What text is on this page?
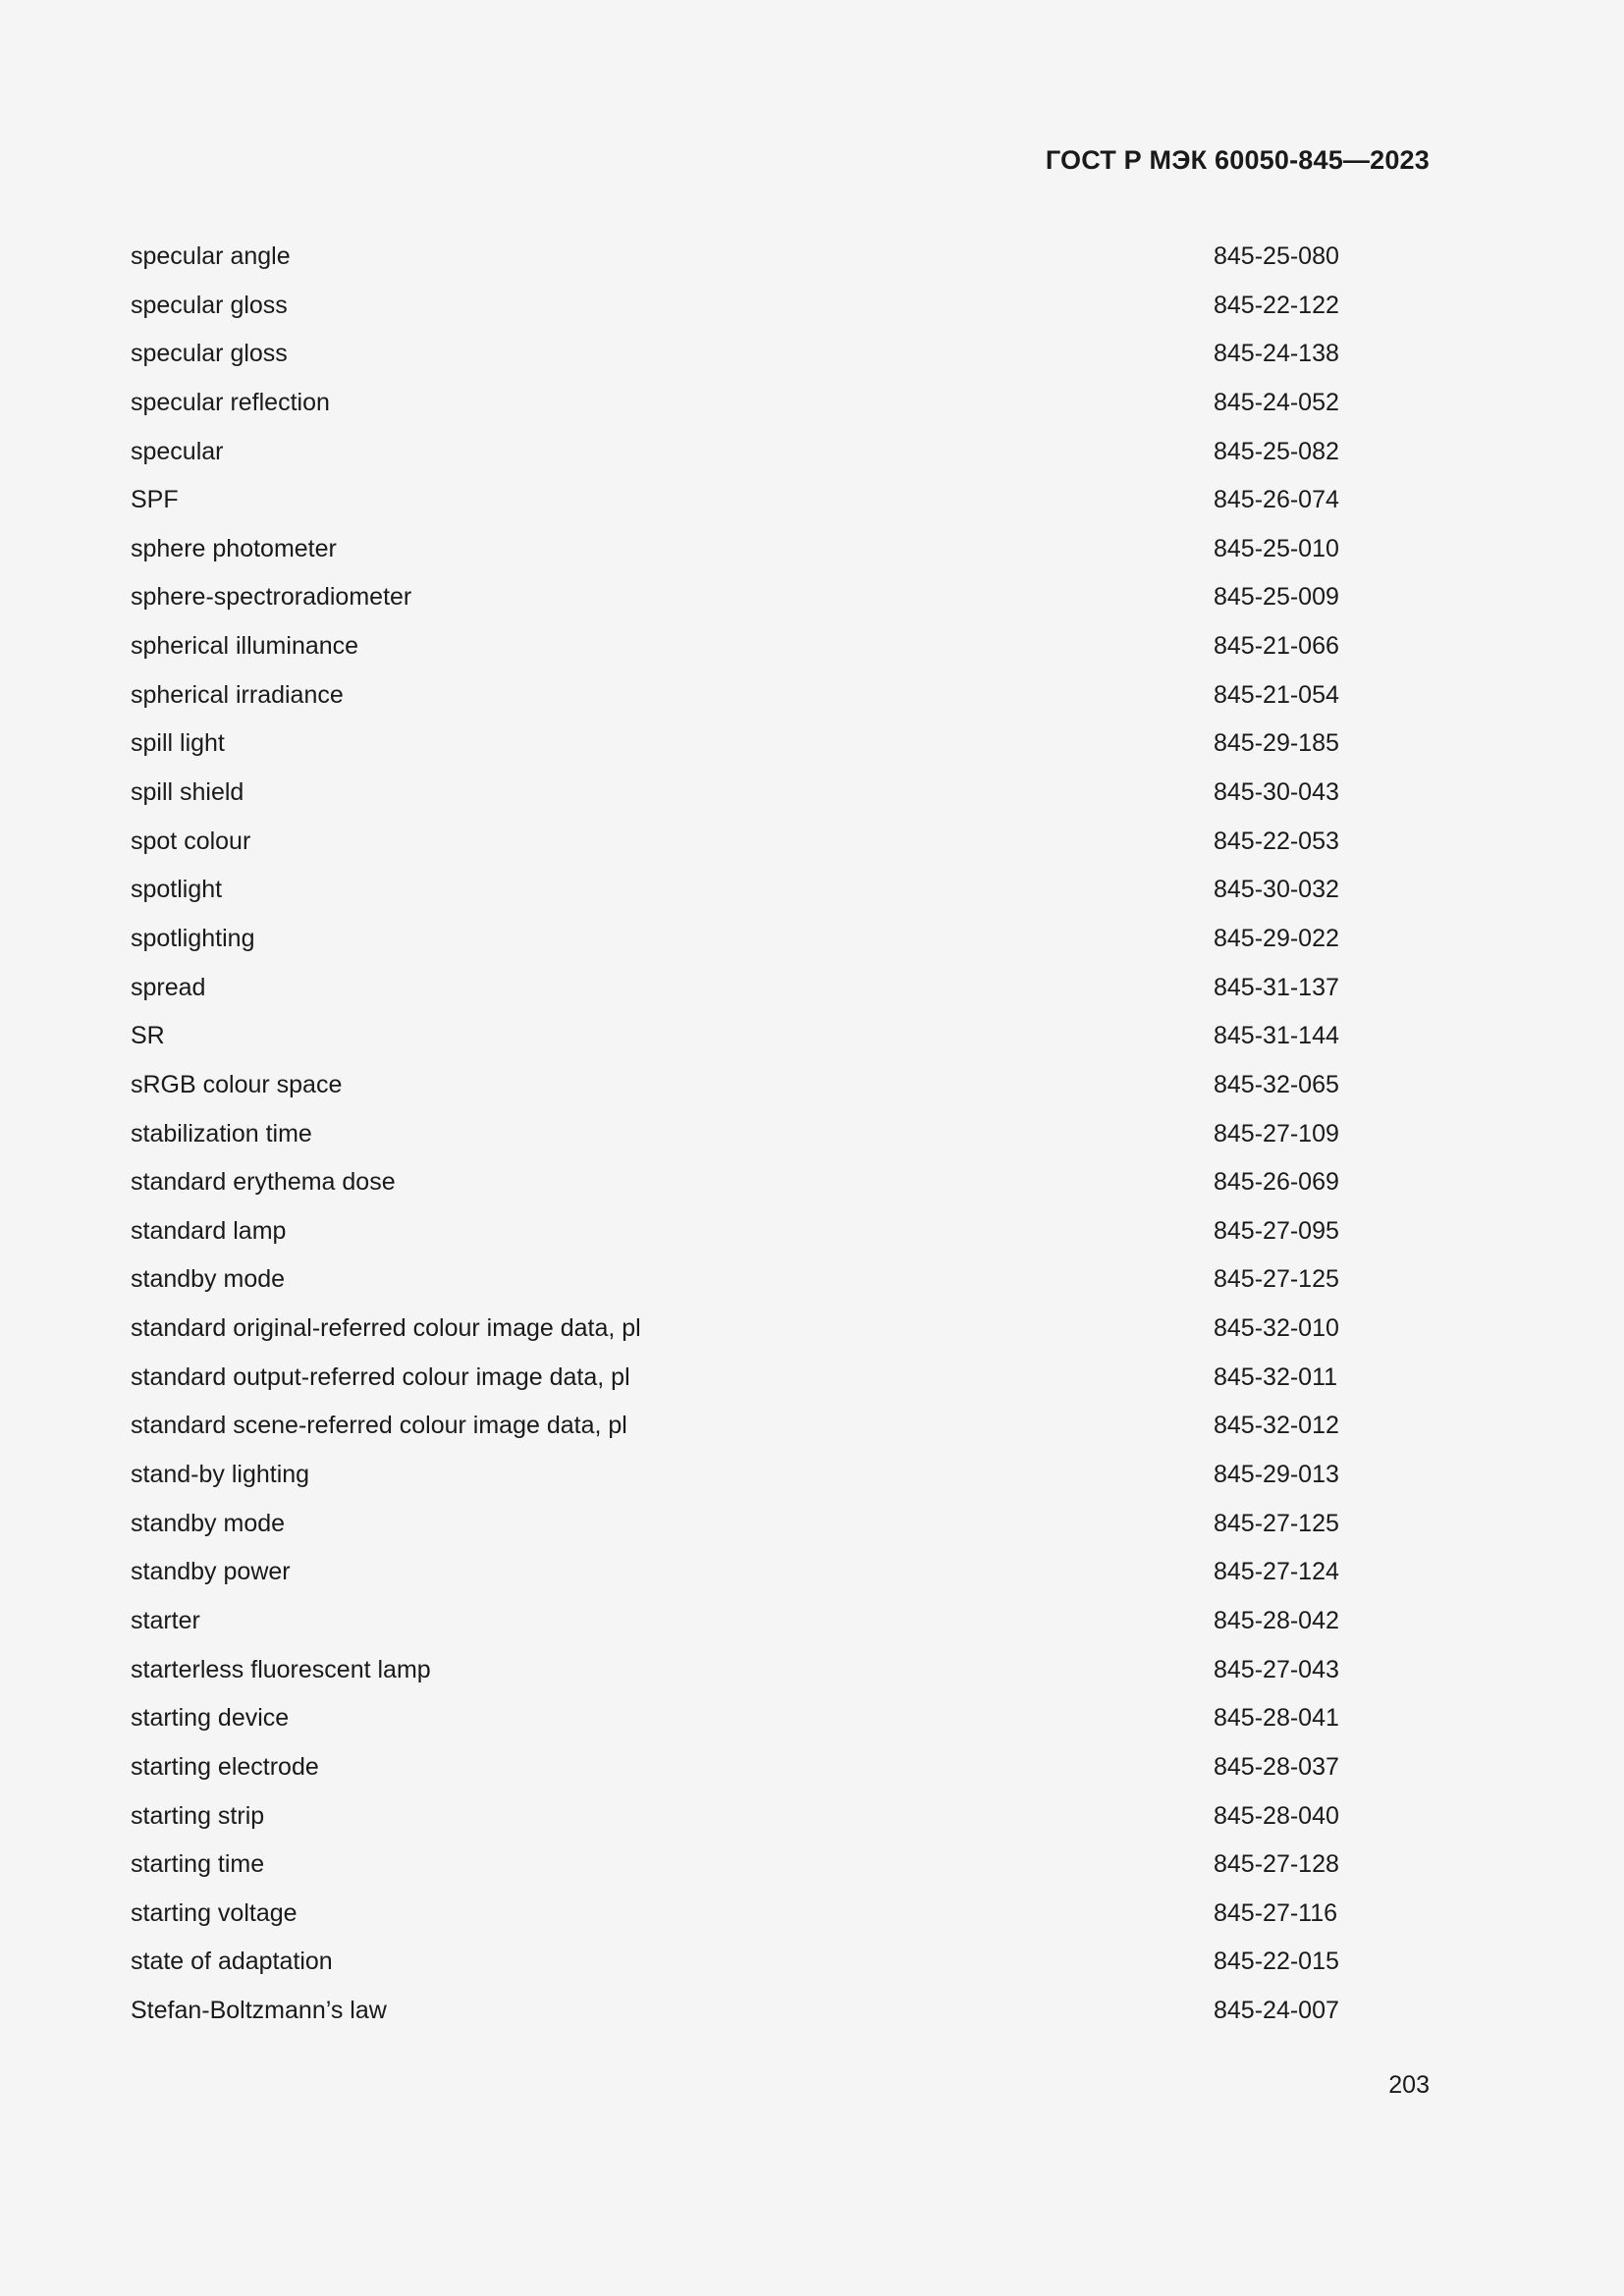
ГОСТ Р МЭК 60050-845—2023
specular angle	845-25-080
specular gloss	845-22-122
specular gloss	845-24-138
specular reflection	845-24-052
specular	845-25-082
SPF	845-26-074
sphere photometer	845-25-010
sphere-spectroradiometer	845-25-009
spherical illuminance	845-21-066
spherical irradiance	845-21-054
spill light	845-29-185
spill shield	845-30-043
spot colour	845-22-053
spotlight	845-30-032
spotlighting	845-29-022
spread	845-31-137
SR	845-31-144
sRGB colour space	845-32-065
stabilization time	845-27-109
standard erythema dose	845-26-069
standard lamp	845-27-095
standby mode	845-27-125
standard original-referred colour image data, pl	845-32-010
standard output-referred colour image data, pl	845-32-011
standard scene-referred colour image data, pl	845-32-012
stand-by lighting	845-29-013
standby mode	845-27-125
standby power	845-27-124
starter	845-28-042
starterless fluorescent lamp	845-27-043
starting device	845-28-041
starting electrode	845-28-037
starting strip	845-28-040
starting time	845-27-128
starting voltage	845-27-116
state of adaptation	845-22-015
Stefan-Boltzmann’s law	845-24-007
203
